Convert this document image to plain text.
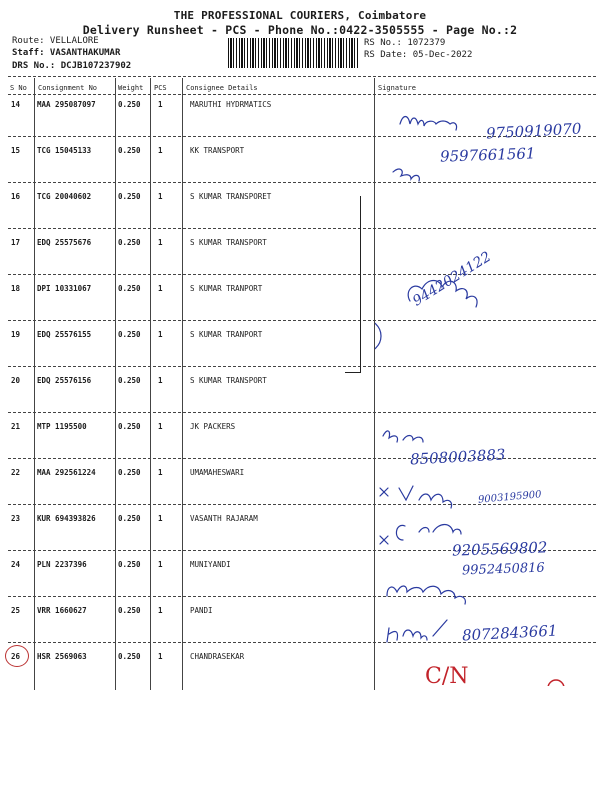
THE PROFESSIONAL COURIERS, Coimbatore
Delivery Runsheet - PCS - Phone No.:0422-3505555 - Page No.:2
Route: VELLALORE
Staff: VASANTHAKUMAR
DRS No.: DCJB107237902
RS No.: 1072379
RS Date: 05-Dec-2022
S No Consignment No	Weight PCS	Consignee Details	Signature
14 MAA 295087097	0.250 1	MARUTHI HYDRMATICS
15 TCG 15045133	0.250 1	KK TRANSPORT
16 TCG 20040602	0.250 1	S KUMAR TRANSPORET
17 EDQ 25575676	0.250 1	S KUMAR TRANSPORT
18 DPI 10331067	0.250 1	S KUMAR TRANPORT
19 EDQ 25576155	0.250 1	S KUMAR TRANPORT
20 EDQ 25576156	0.250 1	S KUMAR TRANSPORT
21 MTP 1195500	0.250 1	JK PACKERS
22 MAA 292561224	0.250 1	UMAMAHESWARI
23 KUR 694393826	0.250 1	VASANTH RAJARAM
24 PLN 2237396	0.250 1	MUNIYANDI
25 VRR 1660627	0.250 1	PANDI
26 HSR 2569063	0.250 1	CHANDRASEKAR
9750919070
9597661561
9442024122
8508003883
9003195900
9205569802
9952450816
8072843661
C/N
